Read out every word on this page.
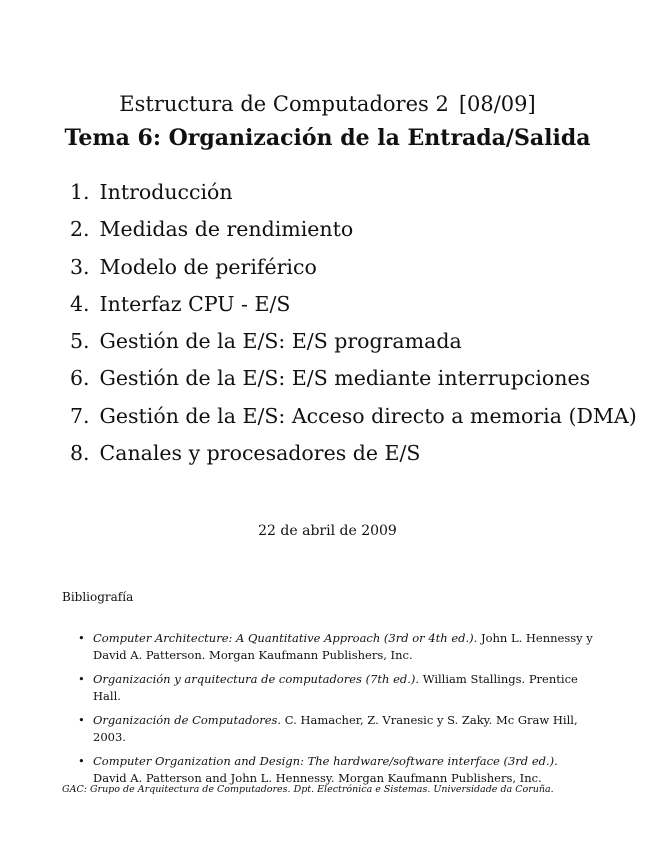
Estructura de Computadores 2 [08/09]
Tema 6: Organización de la Entrada/Salida
1. Introducción
2. Medidas de rendimiento
3. Modelo de periférico
4. Interfaz CPU - E/S
5. Gestión de la E/S: E/S programada
6. Gestión de la E/S: E/S mediante interrupciones
7. Gestión de la E/S: Acceso directo a memoria (DMA)
8. Canales y procesadores de E/S
22 de abril de 2009
Bibliografía
• Computer Architecture: A Quantitative Approach (3rd or 4th ed.). John L. Hennessy y David A. Patterson. Morgan Kaufmann Publishers, Inc.
• Organización y arquitectura de computadores (7th ed.). William Stallings. Prentice Hall.
• Organización de Computadores. C. Hamacher, Z. Vranesic y S. Zaky. Mc Graw Hill, 2003.
• Computer Organization and Design: The hardware/software interface (3rd ed.). David A. Patterson and John L. Hennessy. Morgan Kaufmann Publishers, Inc.
GAC: Grupo de Arquitectura de Computadores. Dpt. Electrónica e Sistemas. Universidade da Coruña.
